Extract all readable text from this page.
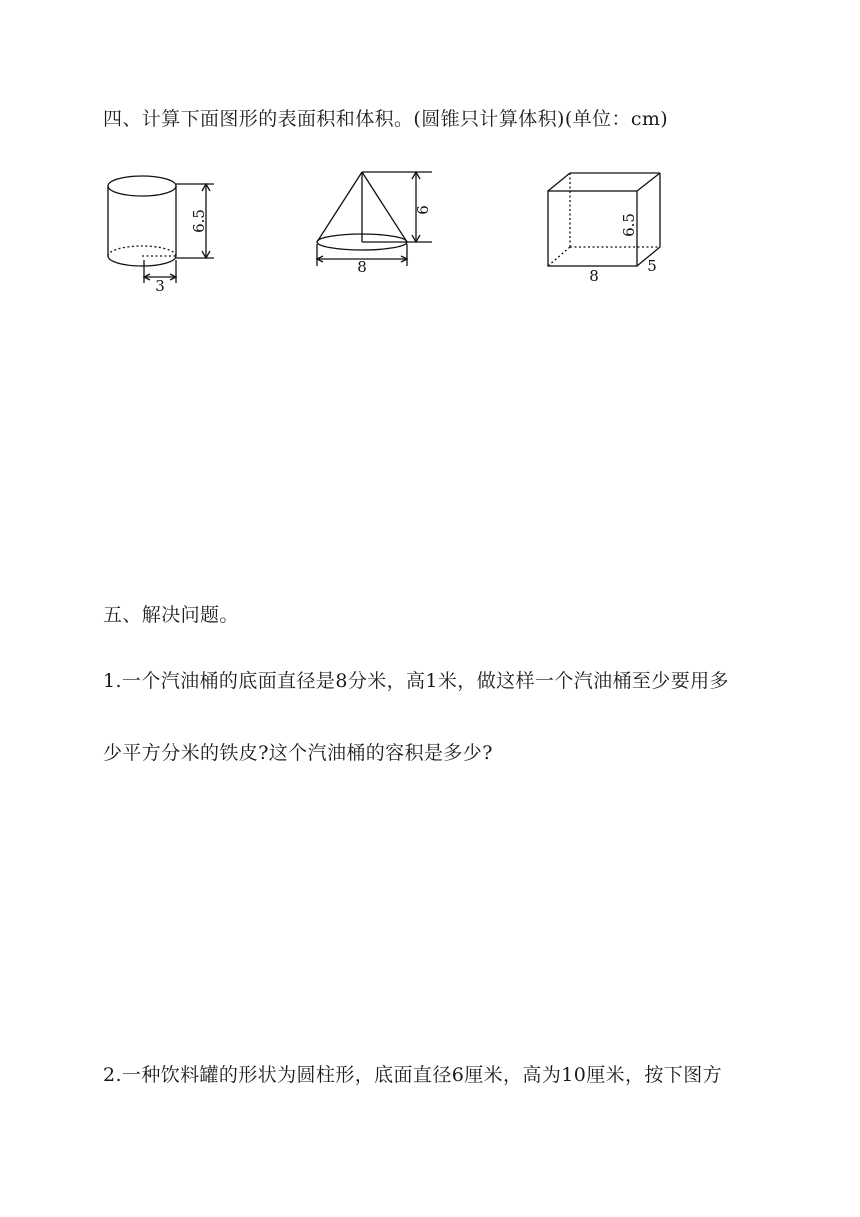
四、计算下面图形的表面积和体积。(圆锥只计算体积)(单位：cm)
6.5
3
6
8
6.5
8
5
五、解决问题。
1.一个汽油桶的底面直径是8分米，高1米，做这样一个汽油桶至少要用多
少平方分米的铁皮?这个汽油桶的容积是多少?
2.一种饮料罐的形状为圆柱形，底面直径6厘米，高为10厘米，按下图方
